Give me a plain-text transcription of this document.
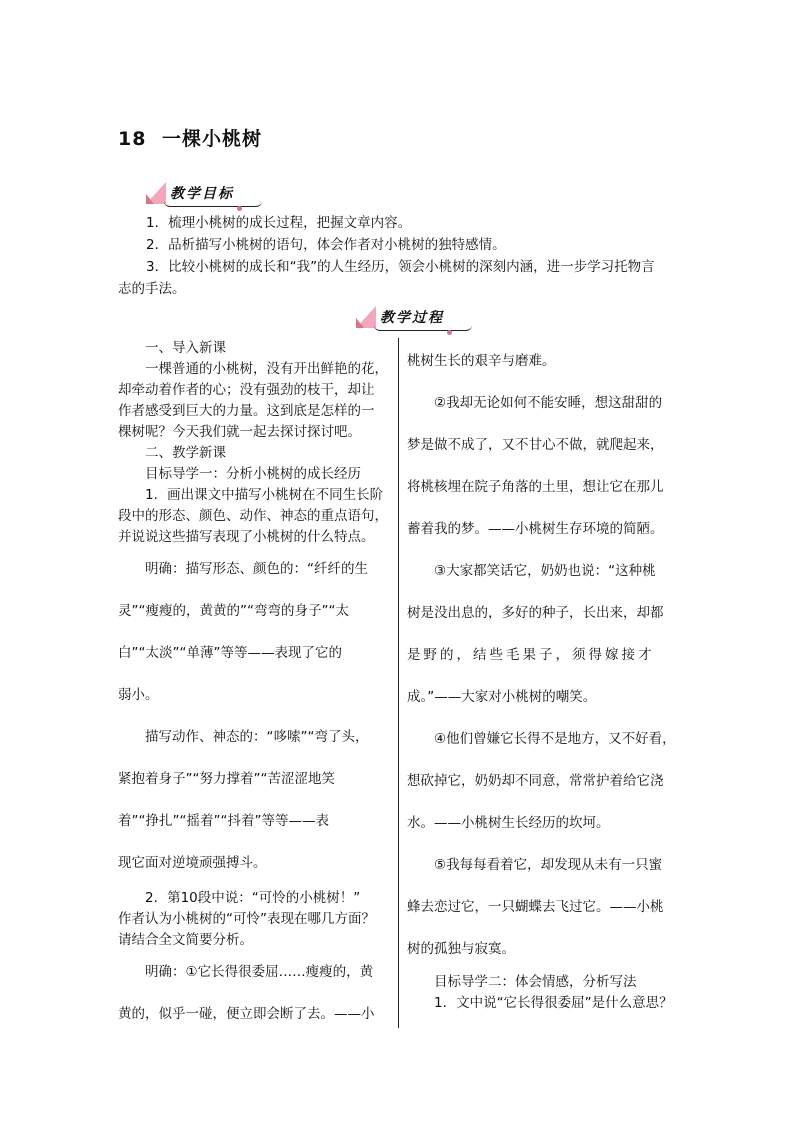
18 一棵小桃树
教学目标

1．梳理小桃树的成长过程，把握文章内容。

2．品析描写小桃树的语句，体会作者对小桃树的独特感情。

3．比较小桃树的成长和“我”的人生经历，领会小桃树的深刻内涵，进一步学习托物言

志的手法。

教学过程

一、导入新课

一棵普通的小桃树，没有开出鲜艳的花，

却牵动着作者的心；没有强劲的枝干，却让

作者感受到巨大的力量。这到底是怎样的一

棵树呢？今天我们就一起去探讨探讨吧。

二、教学新课

目标导学一：分析小桃树的成长经历

1．画出课文中描写小桃树在不同生长阶

段中的形态、颜色、动作、神态的重点语句，

并说说这些描写表现了小桃树的什么特点。

明确：描写形态、颜色的：“纤纤的生

灵”“瘦瘦的，黄黄的”“弯弯的身子”“太

白”“太淡”“单薄”等等——表现了它的

弱小。

描写动作、神态的：“哆嗦”“弯了头，

紧抱着身子”“努力撑着”“苦涩涩地笑

着”“挣扎”“摇着”“抖着”等等——表

现它面对逆境顽强搏斗。

2．第10段中说：“可怜的小桃树！”

作者认为小桃树的“可怜”表现在哪几方面？

请结合全文简要分析。

明确：①它长得很委屈……瘦瘦的，黄

黄的，似乎一碰，便立即会断了去。——小

桃树生长的艰辛与磨难。

②我却无论如何不能安睡，想这甜甜的

梦是做不成了，又不甘心不做，就爬起来，

将桃核埋在院子角落的土里，想让它在那儿

蓄着我的梦。——小桃树生存环境的简陋。

③大家都笑话它，奶奶也说：“这种桃

树是没出息的，多好的种子，长出来，却都

是野的，结些毛果子，须得嫁接才

成。”——大家对小桃树的嘲笑。

④他们曾嫌它长得不是地方，又不好看，

想砍掉它，奶奶却不同意，常常护着给它浇

水。——小桃树生长经历的坎坷。

⑤我每每看着它，却发现从未有一只蜜

蜂去恋过它，一只蝴蝶去飞过它。——小桃

树的孤独与寂寞。

目标导学二：体会情感，分析写法

1．文中说“它长得很委屈”是什么意思？
